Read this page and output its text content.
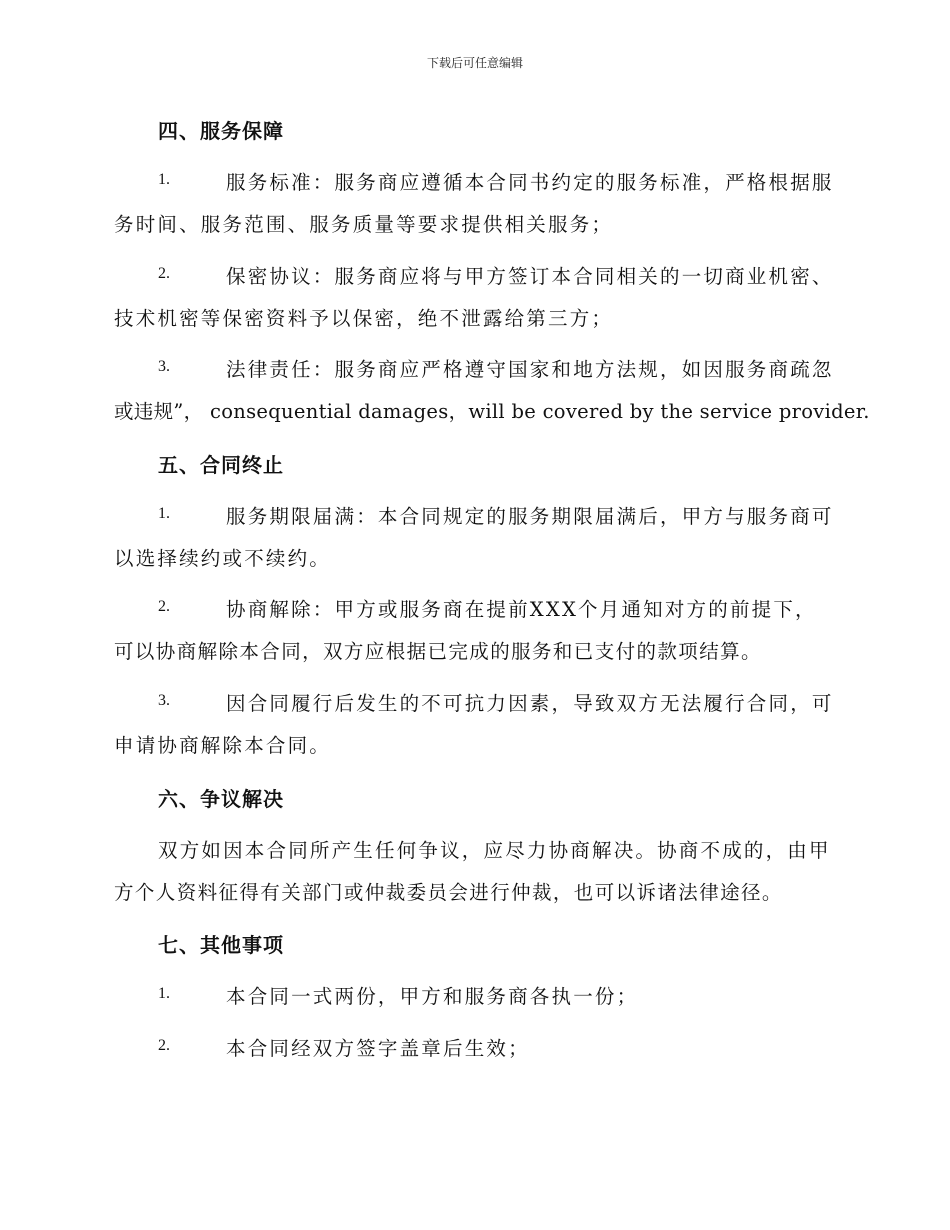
下载后可任意编辑
四、服务保障
1.	服务标准：服务商应遵循本合同书约定的服务标准，严格根据服
务时间、服务范围、服务质量等要求提供相关服务；
2.	保密协议：服务商应将与甲方签订本合同相关的一切商业机密、
技术机密等保密资料予以保密，绝不泄露给第三方；
3.	法律责任：服务商应严格遵守国家和地方法规，如因服务商疏忽
或违规”， consequential damages，will be covered by the service provider.
五、合同终止
1.	服务期限届满：本合同规定的服务期限届满后，甲方与服务商可
以选择续约或不续约。
2.	协商解除：甲方或服务商在提前XXX个月通知对方的前提下，
可以协商解除本合同，双方应根据已完成的服务和已支付的款项结算。
3.	因合同履行后发生的不可抗力因素，导致双方无法履行合同，可
申请协商解除本合同。
六、争议解决
双方如因本合同所产生任何争议，应尽力协商解决。协商不成的，由甲
方个人资料征得有关部门或仲裁委员会进行仲裁，也可以诉诸法律途径。
七、其他事项
1.	本合同一式两份，甲方和服务商各执一份；
2.	本合同经双方签字盖章后生效；
